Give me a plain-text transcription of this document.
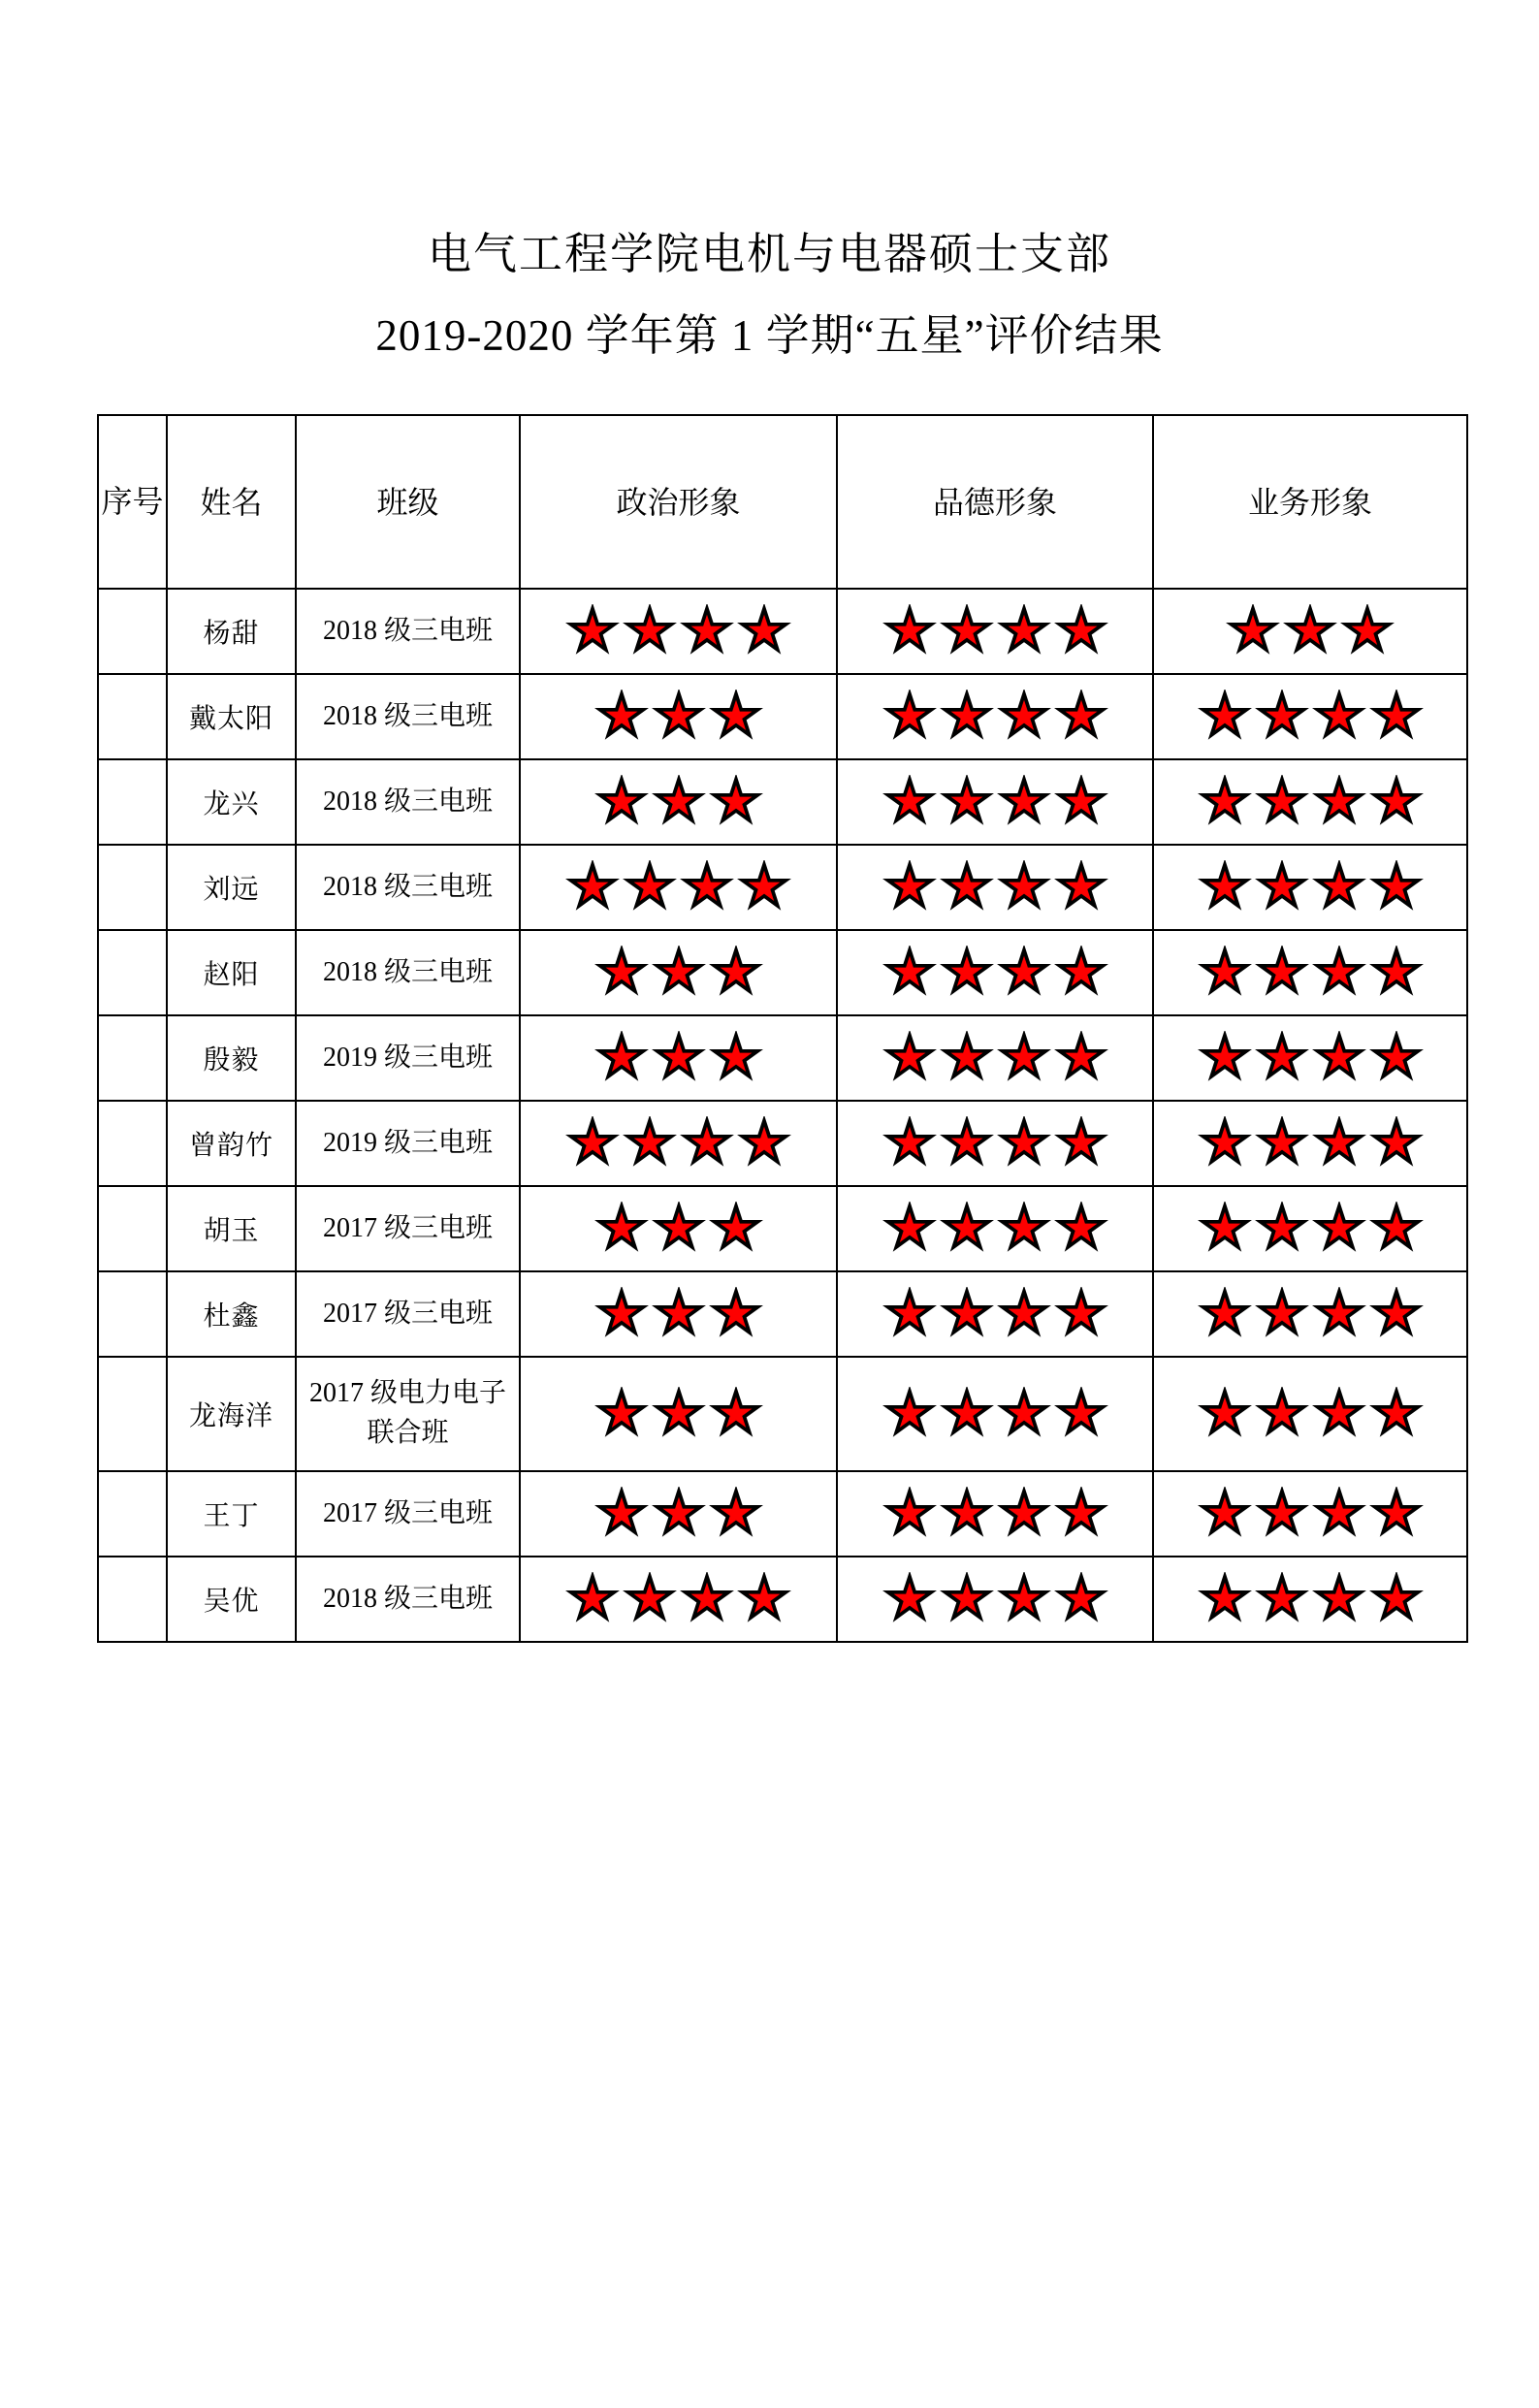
电气工程学院电机与电器硕士支部
2019-2020 学年第 1 学期“五星”评价结果
序号	姓名	班级	政治形象	品德形象	业务形象
	杨甜	2018 级三电班	

	戴太阳	2018 级三电班	

	龙兴	2018 级三电班	

	刘远	2018 级三电班	

	赵阳	2018 级三电班	

	殷毅	2019 级三电班	

	曾韵竹	2019 级三电班	

	胡玉	2017 级三电班	

	杜鑫	2017 级三电班	

	龙海洋	2017 级电力电子联合班	

	王丁	2017 级三电班	

	吴优	2018 级三电班	
